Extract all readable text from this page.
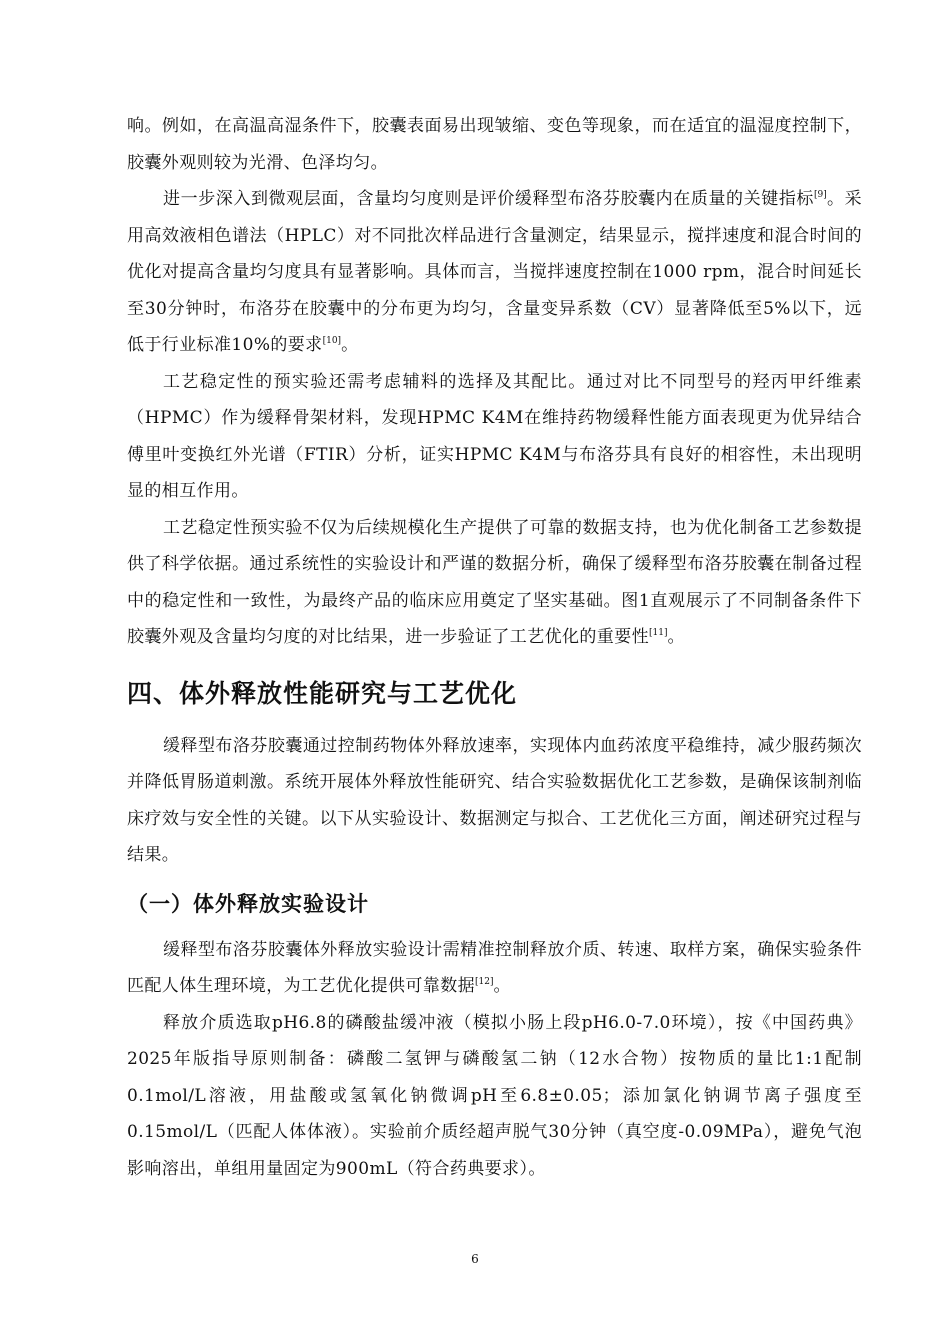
响。例如，在高温高湿条件下，胶囊表面易出现皱缩、变色等现象，而在适宜的温湿度控制下，胶囊外观则较为光滑、色泽均匀。

进一步深入到微观层面，含量均匀度则是评价缓释型布洛芬胶囊内在质量的关键指标[9]。采用高效液相色谱法（HPLC）对不同批次样品进行含量测定，结果显示，搅拌速度和混合时间的优化对提高含量均匀度具有显著影响。具体而言，当搅拌速度控制在1000 rpm，混合时间延长至30分钟时，布洛芬在胶囊中的分布更为均匀，含量变异系数（CV）显著降低至5%以下，远低于行业标准10%的要求[10]。

工艺稳定性的预实验还需考虑辅料的选择及其配比。通过对比不同型号的羟丙甲纤维素（HPMC）作为缓释骨架材料，发现HPMC K4M在维持药物缓释性能方面表现更为优异结合傅里叶变换红外光谱（FTIR）分析，证实HPMC K4M与布洛芬具有良好的相容性，未出现明显的相互作用。

工艺稳定性预实验不仅为后续规模化生产提供了可靠的数据支持，也为优化制备工艺参数提供了科学依据。通过系统性的实验设计和严谨的数据分析，确保了缓释型布洛芬胶囊在制备过程中的稳定性和一致性，为最终产品的临床应用奠定了坚实基础。图1直观展示了不同制备条件下胶囊外观及含量均匀度的对比结果，进一步验证了工艺优化的重要性[11]。

四、体外释放性能研究与工艺优化

缓释型布洛芬胶囊通过控制药物体外释放速率，实现体内血药浓度平稳维持，减少服药频次并降低胃肠道刺激。系统开展体外释放性能研究、结合实验数据优化工艺参数，是确保该制剂临床疗效与安全性的关键。以下从实验设计、数据测定与拟合、工艺优化三方面，阐述研究过程与结果。

（一）体外释放实验设计

缓释型布洛芬胶囊体外释放实验设计需精准控制释放介质、转速、取样方案，确保实验条件匹配人体生理环境，为工艺优化提供可靠数据[12]。

释放介质选取pH6.8的磷酸盐缓冲液（模拟小肠上段pH6.0-7.0环境），按《中国药典》2025年版指导原则制备：磷酸二氢钾与磷酸氢二钠（12水合物）按物质的量比1:1配制0.1mol/L溶液，用盐酸或氢氧化钠微调pH至6.8±0.05；添加氯化钠调节离子强度至0.15mol/L（匹配人体体液）。实验前介质经超声脱气30分钟（真空度-0.09MPa），避免气泡影响溶出，单组用量固定为900mL（符合药典要求）。

6
